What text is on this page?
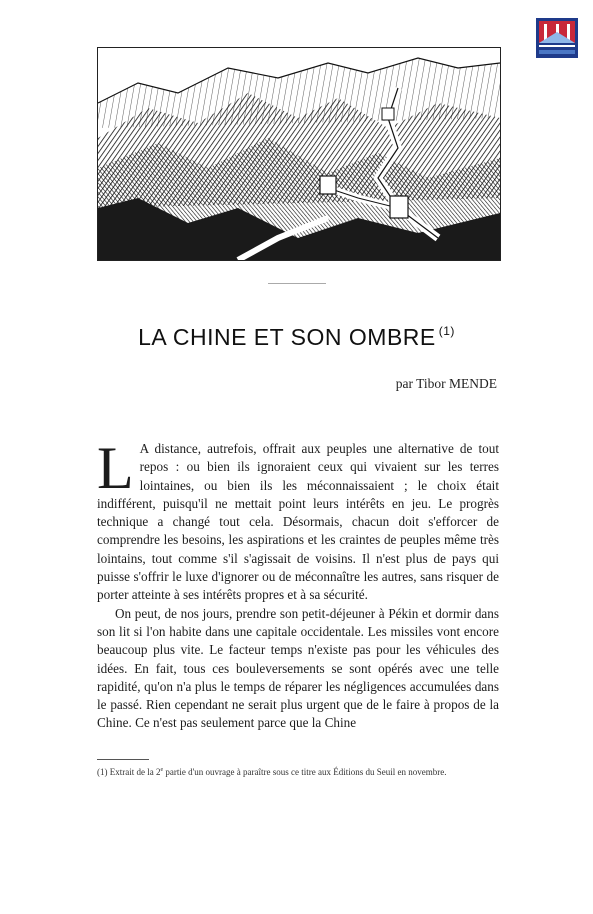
LA CHINE ET SON OMBRE $^{(1)}$
par Tibor MENDE

L A distance, autrefois, offrait aux peuples une alternative de tout repos : ou bien ils ignoraient ceux qui vivaient sur les terres lointaines, ou bien ils les méconnaissaient ; le choix était indifférent, puisqu'il ne mettait point leurs intérêts en jeu. Le progrès technique a changé tout cela. Désormais, chacun doit s'efforcer de comprendre les besoins, les aspirations et les craintes de peuples même très lointains, tout comme s'il s'agissait de voisins. Il n'est plus de pays qui puisse s'offrir le luxe d'ignorer ou de méconnaître les autres, sans risquer de porter atteinte à ses intérêts propres et à sa sécurité.

On peut, de nos jours, prendre son petit-déjeuner à Pékin et dormir dans son lit si l'on habite dans une capitale occidentale. Les missiles vont encore beaucoup plus vite. Le facteur temps n'existe pas pour les véhicules des idées. En fait, tous ces bouleversements se sont opérés avec une telle rapidité, qu'on n'a plus le temps de réparer les négligences accumulées dans le passé. Rien cependant ne serait plus urgent que de le faire à propos de la Chine. Ce n'est pas seulement parce que la Chine

(1) Extrait de la 2e partie d'un ouvrage à paraître sous ce titre aux Éditions du Seuil en novembre.
